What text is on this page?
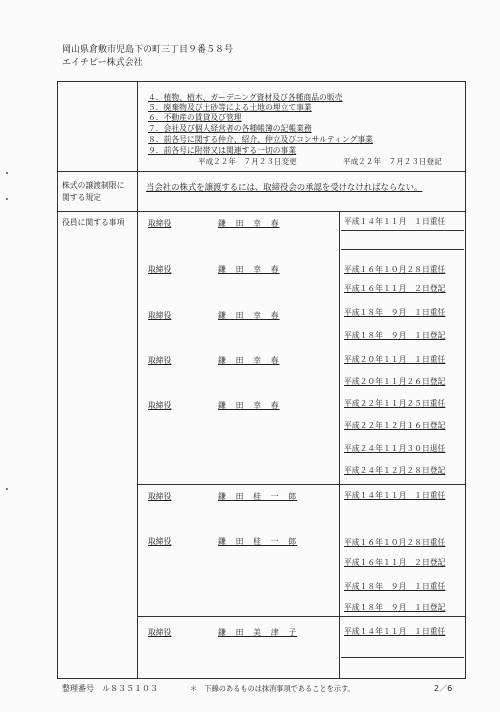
岡山県倉敷市児島下の町三丁目９番５８号
エイチピー株式会社
４．植物、植木、ガーデニング資材及び各種商品の販売
５．廃棄物及び土砂等による土地の埋立て事業
６．不動産の賃貸及び管理
７．会社及び個人経営者の各種帳簿の記帳業務
８．前各号に関する仲介、紹介、仲立及びコンサルティング事業
９．前各号に附帯又は関連する一切の事業
平成２２年　７月２３日変更	平成２２年　７月２３日登記
株式の譲渡制限に
関する規定
当会社の株式を譲渡するには、取締役会の承認を受けなければならない。
役員に関する事項	取締役	鎌　田　幸　春	平成１４年１１月　１日重任
取締役	鎌　田　幸　春	平成１６年１０月２８日重任
平成１６年１１月　２日登記
取締役	鎌　田　幸　春	平成１８年　９月　１日重任
平成１８年　９月　１日登記
取締役	鎌　田　幸　春	平成２０年１１月　１日重任
平成２０年１１月２６日登記
取締役	鎌　田　幸　春	平成２２年１１月２５日重任
平成２２年１２月１６日登記
平成２４年１１月３０日退任
平成２４年１２月２８日登記
取締役	鎌　田　桂　一　郎	平成１４年１１月　１日重任
取締役	鎌　田　桂　一　郎	平成１６年１０月２８日重任
平成１６年１１月　２日登記
平成１８年　９月　１日重任
平成１８年　９月　１日登記
取締役	鎌　田　美　津　子	平成１４年１１月　１日重任
整理番号　ル８３５１０３	＊　下線のあるものは抹消事項であることを示す。	2／6
